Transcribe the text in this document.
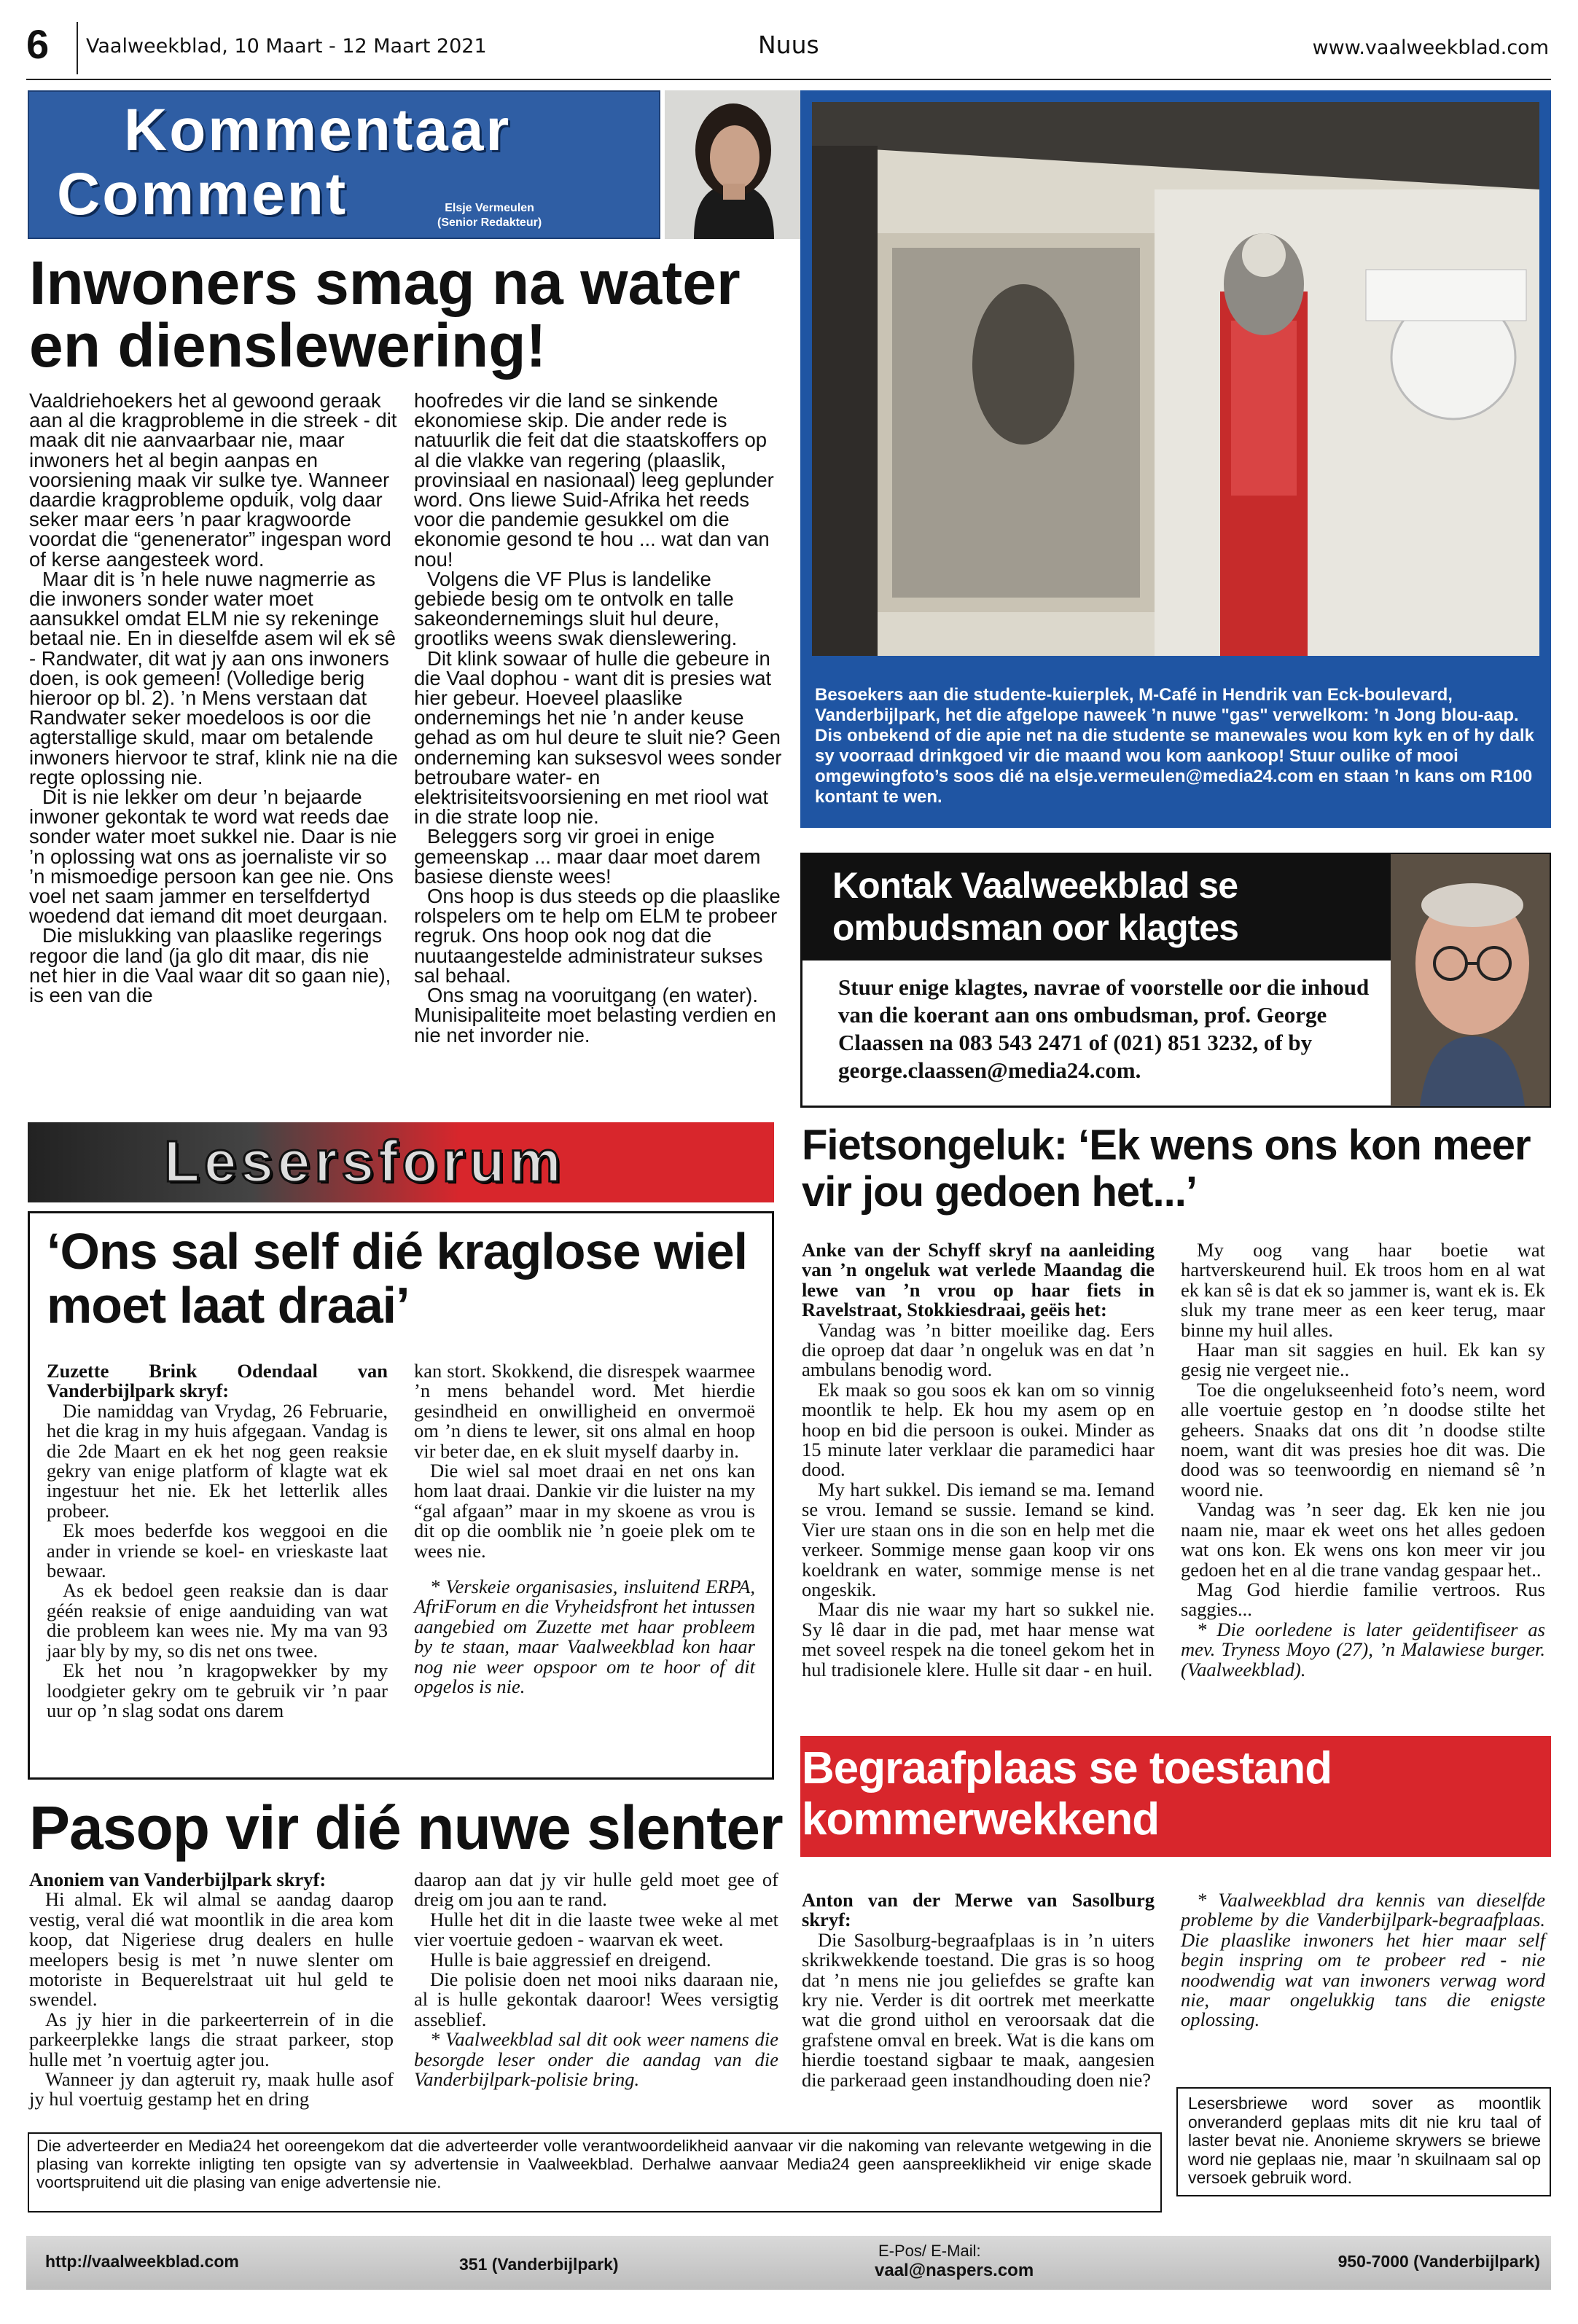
6 Vaalweekblad, 10 Maart - 12 Maart 2021	Nuus	www.vaalweekblad.com
Kommentaar
Comment	Elsje Vermeulen
(Senior Redakteur)
Inwoners smag na water en dienslewering!

Vaaldriehoekers het al gewoond geraak aan al die kragprobleme in die streek - dit maak dit nie aanvaarbaar nie, maar inwoners het al begin aanpas en voorsiening maak vir sulke tye. Wanneer daardie kragprobleme opduik, volg daar seker maar eers ’n paar kragwoorde voordat die “genenerator” ingespan word of kerse aangesteek word.

Maar dit is ’n hele nuwe nagmerrie as die inwoners sonder water moet aansukkel omdat ELM nie sy rekeninge betaal nie. En in dieselfde asem wil ek sê - Randwater, dit wat jy aan ons inwoners doen, is ook gemeen! (Volledige berig hieroor op bl. 2). ’n Mens verstaan dat Randwater seker moedeloos is oor die agterstallige skuld, maar om betalende inwoners hiervoor te straf, klink nie na die regte oplossing nie.

Dit is nie lekker om deur ’n bejaarde inwoner gekontak te word wat reeds dae sonder water moet sukkel nie. Daar is nie ’n oplossing wat ons as joernaliste vir so ’n mismoedige persoon kan gee nie. Ons voel net saam jammer en terselfdertyd woedend dat iemand dit moet deurgaan.

Die mislukking van plaaslike regerings regoor die land (ja glo dit maar, dis nie net hier in die Vaal waar dit so gaan nie), is een van die

hoofredes vir die land se sinkende ekonomiese skip. Die ander rede is natuurlik die feit dat die staatskoffers op al die vlakke van regering (plaaslik, provinsiaal en nasionaal) leeg geplunder word. Ons liewe Suid-Afrika het reeds voor die pandemie gesukkel om die ekonomie gesond te hou ... wat dan van nou!

Volgens die VF Plus is landelike gebiede besig om te ontvolk en talle sakeondernemings sluit hul deure, grootliks weens swak dienslewering.

Dit klink sowaar of hulle die gebeure in die Vaal dophou - want dit is presies wat hier gebeur. Hoeveel plaaslike ondernemings het nie ’n ander keuse gehad as om hul deure te sluit nie? Geen onderneming kan suksesvol wees sonder betroubare water- en elektrisiteitsvoorsiening en met riool wat in die strate loop nie.

Beleggers sorg vir groei in enige gemeenskap ... maar daar moet darem basiese dienste wees!

Ons hoop is dus steeds op die plaaslike rolspelers om te help om ELM te probeer regruk. Ons hoop ook nog dat die nuutaangestelde administrateur sukses sal behaal.

Ons smag na vooruitgang (en water). Munisipaliteite moet belasting verdien en nie net invorder nie.

Besoekers aan die studente-kuierplek, M-Café in Hendrik van Eck-boulevard, Vanderbijlpark, het die afgelope naweek ’n nuwe "gas" verwelkom: ’n Jong blou-aap. Dis onbekend of die apie net na die studente se manewales wou kom kyk en of hy dalk sy voorraad drinkgoed vir die maand wou kom aankoop! Stuur oulike of mooi omgewingfoto’s soos dié na elsje.vermeulen@media24.com en staan ’n kans om R100 kontant te wen.
Kontak Vaalweekblad se
ombudsman oor klagtes
Stuur enige klagtes, navrae of voorstelle oor die inhoud van die koerant aan ons ombudsman, prof. George Claassen na 083 543 2471 of (021) 851 3232, of by george.claassen@media24.com.
Lesersforum
‘Ons sal self dié kraglose wiel moet laat draai’

Zuzette Brink Odendaal van Vanderbijlpark skryf:

Die namiddag van Vrydag, 26 Februarie, het die krag in my huis afgegaan. Vandag is die 2de Maart en ek het nog geen reaksie gekry van enige platform of klagte wat ek ingestuur het nie. Ek het letterlik alles probeer.

Ek moes bederfde kos weggooi en die ander in vriende se koel- en vrieskaste laat bewaar.

As ek bedoel geen reaksie dan is daar géén reaksie of enige aanduiding van wat die probleem kan wees nie. My ma van 93 jaar bly by my, so dis net ons twee.

Ek het nou ’n kragopwekker by my loodgieter gekry om te gebruik vir ’n paar uur op ’n slag sodat ons darem

kan stort. Skokkend, die disrespek waarmee ’n mens behandel word. Met hierdie gesindheid en onwilligheid en onvermoë om ’n diens te lewer, sit ons almal en hoop vir beter dae, en ek sluit myself daarby in.

Die wiel sal moet draai en net ons kan hom laat draai. Dankie vir die luister na my “gal afgaan” maar in my skoene as vrou is dit op die oomblik nie ’n goeie plek om te wees nie.

* Verskeie organisasies, insluitend ERPA, AfriForum en die Vryheidsfront het intussen aangebied om Zuzette met haar probleem by te staan, maar Vaalweekblad kon haar nog nie weer opspoor om te hoor of dit opgelos is nie.

Fietsongeluk: ‘Ek wens ons kon meer vir jou gedoen het...’

Anke van der Schyff skryf na aanleiding van ’n ongeluk wat verlede Maandag die lewe van ’n vrou op haar fiets in Ravelstraat, Stokkiesdraai, geëis het:

Vandag was ’n bitter moeilike dag. Eers die oproep dat daar ’n ongeluk was en dat ’n ambulans benodig word.

Ek maak so gou soos ek kan om so vinnig moontlik te help. Ek hou my asem op en hoop en bid die persoon is oukei. Minder as 15 minute later verklaar die paramedici haar dood.

My hart sukkel. Dis iemand se ma. Iemand se vrou. Iemand se sussie. Iemand se kind. Vier ure staan ons in die son en help met die verkeer. Sommige mense gaan koop vir ons koeldrank en water, sommige mense is net ongeskik.

Maar dis nie waar my hart so sukkel nie. Sy lê daar in die pad, met haar mense wat met soveel respek na die toneel gekom het in hul tradisionele klere. Hulle sit daar - en huil.

My oog vang haar boetie wat hartverskeurend huil. Ek troos hom en al wat ek kan sê is dat ek so jammer is, want ek is. Ek sluk my trane meer as een keer terug, maar binne my huil alles.

Haar man sit saggies en huil. Ek kan sy gesig nie vergeet nie..

Toe die ongelukseenheid foto’s neem, word alle voertuie gestop en ’n doodse stilte het geheers. Snaaks dat ons dit ’n doodse stilte noem, want dit was presies hoe dit was. Die dood was so teenwoordig en niemand sê ’n woord nie.

Vandag was ’n seer dag. Ek ken nie jou naam nie, maar ek weet ons het alles gedoen wat ons kon. Ek wens ons kon meer vir jou gedoen het en al die trane vandag gespaar het..

Mag God hierdie familie vertroos. Rus saggies...

* Die oorledene is later geïdentifiseer as mev. Tryness Moyo (27), ’n Malawiese burger. (Vaalweekblad).

Pasop vir dié nuwe slenter

Anoniem van Vanderbijlpark skryf:

Hi almal. Ek wil almal se aandag daarop vestig, veral dié wat moontlik in die area kom koop, dat Nigeriese drug dealers en hulle meelopers besig is met ’n nuwe slenter om motoriste in Bequerelstraat uit hul geld te swendel.

As jy hier in die parkeerterrein of in die parkeerplekke langs die straat parkeer, stop hulle met ’n voertuig agter jou.

Wanneer jy dan agteruit ry, maak hulle asof jy hul voertuig gestamp het en dring

daarop aan dat jy vir hulle geld moet gee of dreig om jou aan te rand.

Hulle het dit in die laaste twee weke al met vier voertuie gedoen - waarvan ek weet.

Hulle is baie aggressief en dreigend.

Die polisie doen net mooi niks daaraan nie, al is hulle gekontak daaroor! Wees versigtig asseblief.

* Vaalweekblad sal dit ook weer namens die besorgde leser onder die aandag van die Vanderbijlpark-polisie bring.

Begraafplaas se toestand kommerwekkend

Anton van der Merwe van Sasolburg skryf:

Die Sasolburg-begraafplaas is in ’n uiters skrikwekkende toestand. Die gras is so hoog dat ’n mens nie jou geliefdes se grafte kan kry nie. Verder is dit oortrek met meerkatte wat die grond uithol en veroorsaak dat die grafstene omval en breek. Wat is die kans om hierdie toestand sigbaar te maak, aangesien die parkeraad geen instandhouding doen nie?

* Vaalweekblad dra kennis van dieselfde probleme by die Vanderbijlpark-begraafplaas. Die plaaslike inwoners het hier maar self begin inspring om te probeer red - nie noodwendig wat van inwoners verwag word nie, maar ongelukkig tans die enigste oplossing.

Lesersbriewe word sover as moontlik onveranderd geplaas mits dit nie kru taal of laster bevat nie. Anonieme skrywers se briewe word nie geplaas nie, maar ’n skuilnaam sal op versoek gebruik word.
Die adverteerder en Media24 het ooreengekom dat die adverteerder volle verantwoordelikheid aanvaar vir die nakoming van relevante wetgewing in die plasing van korrekte inligting ten opsigte van sy advertensie in Vaalweekblad. Derhalwe aanvaar Media24 geen aanspreeklikheid vir enige skade voortspruitend uit die plasing van enige advertensie nie.
http://vaalweekblad.com	351 (Vanderbijlpark)
E-Pos/ E-Mail:
vaal@naspers.com	950-7000 (Vanderbijlpark)
